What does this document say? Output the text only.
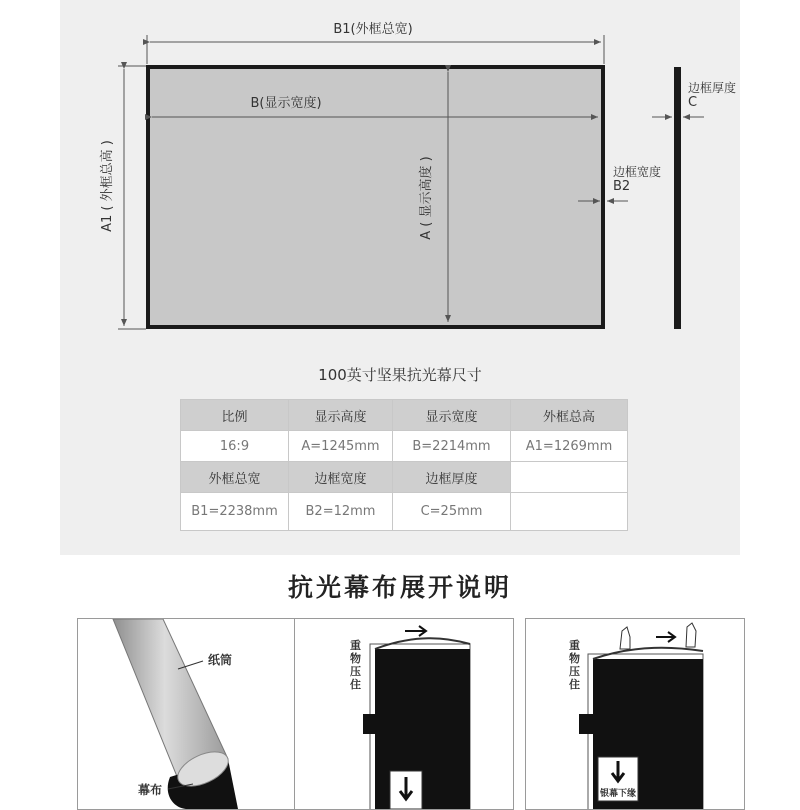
B1(外框总宽)
B(显示宽度)
A1 ( 外框总高 )	A ( 显示高度 )	边框宽度
B2
边框厚度
C
100英寸坚果抗光幕尺寸
比例	显示高度	显示宽度	外框总高
16:9	A=1245mm	B=2214mm	A1=1269mm
外框总宽	边框宽度	边框厚度	
B1=2238mm	B2=12mm	C=25mm	
抗光幕布展开说明
纸筒
幕布
重
物
压
住
重
物
压
住
银幕下缘
